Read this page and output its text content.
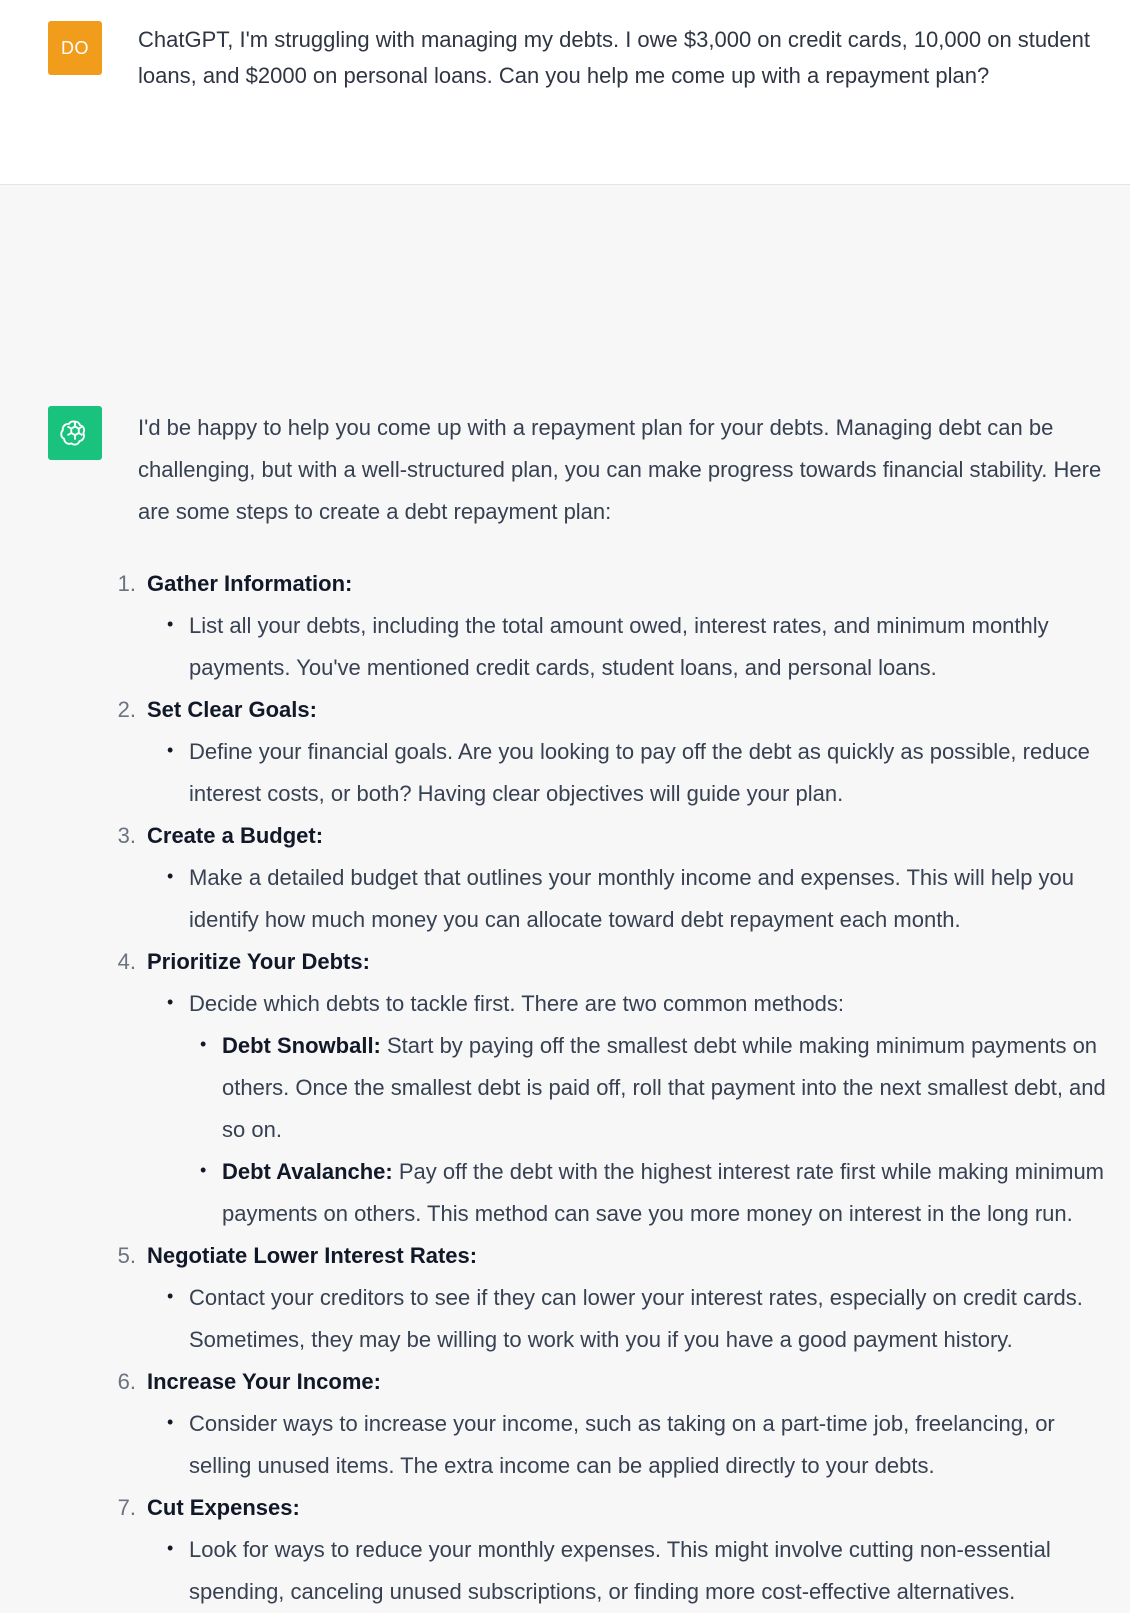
DO	ChatGPT, I'm struggling with managing my debts. I owe $3,000 on credit cards, 10,000 on student loans, and $2000 on personal loans. Can you help me come up with a repayment plan?

I'd be happy to help you come up with a repayment plan for your debts. Managing debt can be challenging, but with a well-structured plan, you can make progress towards financial stability. Here are some steps to create a debt repayment plan:

1. Gather Information:
• List all your debts, including the total amount owed, interest rates, and minimum monthly payments. You've mentioned credit cards, student loans, and personal loans.
2. Set Clear Goals:
• Define your financial goals. Are you looking to pay off the debt as quickly as possible, reduce interest costs, or both? Having clear objectives will guide your plan.
3. Create a Budget:
• Make a detailed budget that outlines your monthly income and expenses. This will help you identify how much money you can allocate toward debt repayment each month.
4. Prioritize Your Debts:
• Decide which debts to tackle first. There are two common methods:
• Debt Snowball: Start by paying off the smallest debt while making minimum payments on others. Once the smallest debt is paid off, roll that payment into the next smallest debt, and so on.
• Debt Avalanche: Pay off the debt with the highest interest rate first while making minimum payments on others. This method can save you more money on interest in the long run.
5. Negotiate Lower Interest Rates:
• Contact your creditors to see if they can lower your interest rates, especially on credit cards. Sometimes, they may be willing to work with you if you have a good payment history.
6. Increase Your Income:
• Consider ways to increase your income, such as taking on a part-time job, freelancing, or selling unused items. The extra income can be applied directly to your debts.
7. Cut Expenses:
• Look for ways to reduce your monthly expenses. This might involve cutting non-essential spending, canceling unused subscriptions, or finding more cost-effective alternatives.
